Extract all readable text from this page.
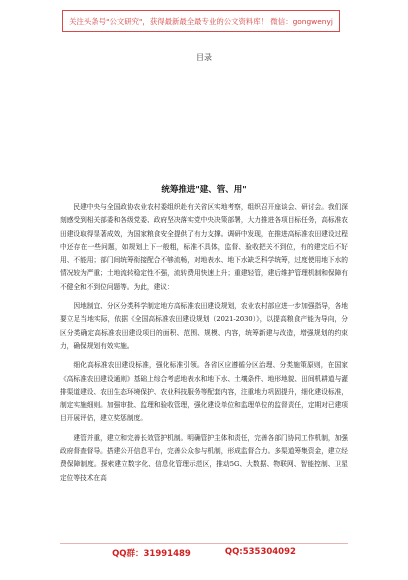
关注头条号"公文研究"，获得最新最全最专业的公文资料库！ 微信：gongwenyj
目录
统筹推进"建、管、用"

民建中央与全国政协农业农村委组织赴有关省区实地考察，组织召开座谈会、研讨会。我们深刻感受到相关部委和各级党委、政府坚决落实党中央决策部署，大力推进各项目标任务，高标准农田建设取得显著成效，为国家粮食安全提供了有力支撑。调研中发现，在推进高标准农田建设过程中还存在一些问题，如规划上下一般粗，标准不具体，监督、验收把关不到位，有的建完后不好用、不能用；部门间统筹衔接配合不够流畅，对地表水、地下水缺乏科学统筹，过度使用地下水的情况较为严重；土地流转稳定性不强，流转费用快速上升；重建轻管，建后维护管理机制和保障有不健全和不到位问题等。为此，建议：

因地制宜、分区分类科学制定地方高标准农田建设规划，农业农村部应进一步加强指导，各地要立足当地实际，依据《全国高标准农田建设规划（2021-2030）》，以提高粮食产能为导向，分区分类确定高标准农田建设项目的面积、范围、规模、内容，统筹新建与改造，增强规划的约束力，确保规划有效实施。

细化高标准农田建设标准，强化标准引领。各省区应遵循分区治理、分类施策原则，在国家《高标准农田建设通则》基础上综合考虑地表水和地下水、土壤条件、地形地貌、田间机耕道与灌排渠道建设、农田生态环境保护、农业科技服务等配套内容，注重地力巩固提升，细化建设标准，制定实施细则。加强审批、监理和验收管理，强化建设单位和监理单位的监督责任，定期对已建项目开展评估，建立奖惩制度。

建管并重，建立和完善长效管护机制。明确管护主体和责任，完善各部门协同工作机制，加强政府督查督导。搭建公开信息平台，完善公众参与机制，形成监督合力。多渠道筹集资金，建立经费保障制度。探索建立数字化、信息化管理示范区，推动5G、大数据、物联网、智能控制、卫星定位等技术在高

QQ群：31991489	QQ:535304092
